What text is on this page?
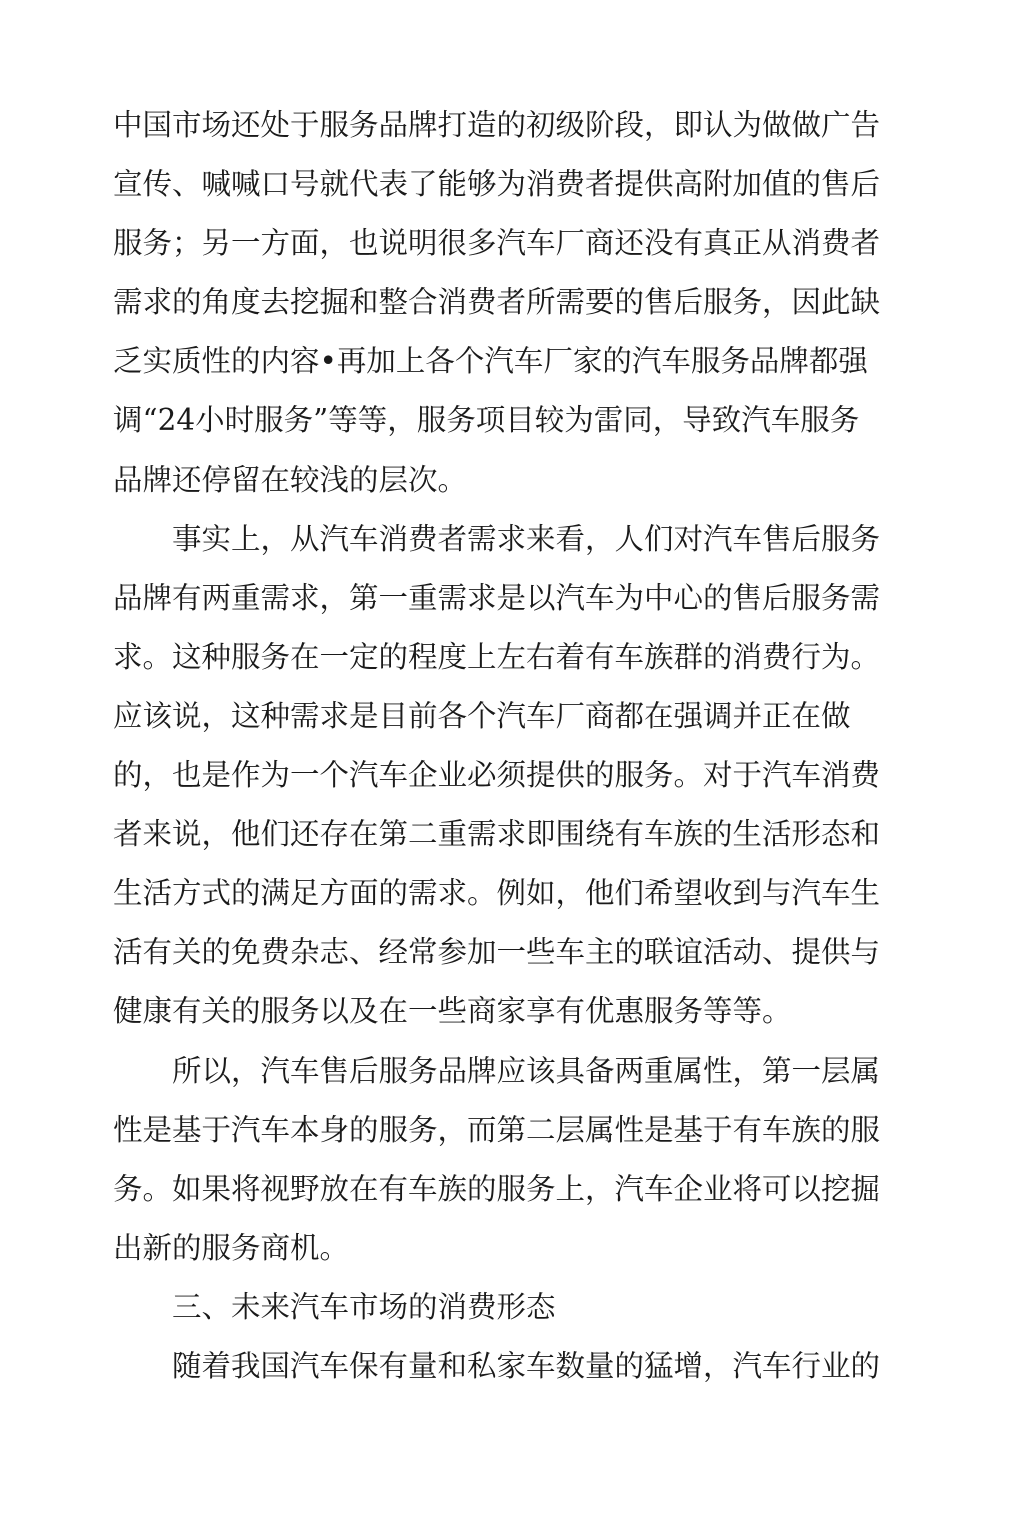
中国市场还处于服务品牌打造的初级阶段，即认为做做广告
宣传、喊喊口号就代表了能够为消费者提供高附加值的售后
服务；另一方面，也说明很多汽车厂商还没有真正从消费者
需求的角度去挖掘和整合消费者所需要的售后服务，因此缺
乏实质性的内容•再加上各个汽车厂家的汽车服务品牌都强
调“24小时服务”等等，服务项目较为雷同，导致汽车服务
品牌还停留在较浅的层次。
事实上，从汽车消费者需求来看，人们对汽车售后服务
品牌有两重需求，第一重需求是以汽车为中心的售后服务需
求。这种服务在一定的程度上左右着有车族群的消费行为。
应该说，这种需求是目前各个汽车厂商都在强调并正在做
的，也是作为一个汽车企业必须提供的服务。对于汽车消费
者来说，他们还存在第二重需求即围绕有车族的生活形态和
生活方式的满足方面的需求。例如，他们希望收到与汽车生
活有关的免费杂志、经常参加一些车主的联谊活动、提供与
健康有关的服务以及在一些商家享有优惠服务等等。
所以，汽车售后服务品牌应该具备两重属性，第一层属
性是基于汽车本身的服务，而第二层属性是基于有车族的服
务。如果将视野放在有车族的服务上，汽车企业将可以挖掘
出新的服务商机。
三、未来汽车市场的消费形态
随着我国汽车保有量和私家车数量的猛增，汽车行业的
